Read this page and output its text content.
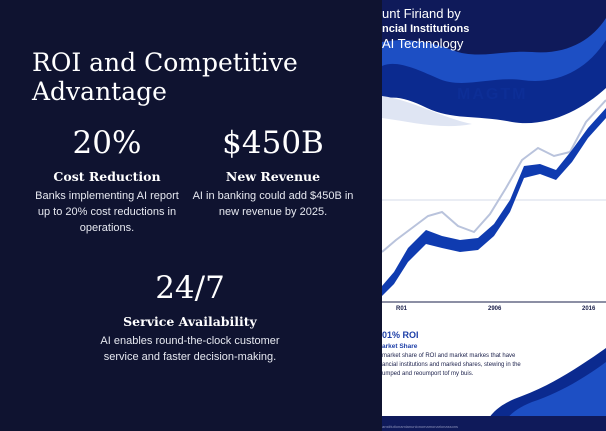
ROI and Competitive Advantage
20%
Cost Reduction
Banks implementing AI report up to 20% cost reductions in operations.
$450B
New Revenue
AI in banking could add $450B in new revenue by 2025.
24/7
Service Availability
AI enables round-the-clock customer service and faster decision-making.
unt Firiand by
ncial Institutions
AI Technology
MAGTM
TM
R01	2906	2016
01% ROI
arket Share
market share of ROI and market markes that have
ancial institutions and marked shares, stewing in the
umped and reoumport tof my buis.
anstitutionamianunionomamonarionassons
